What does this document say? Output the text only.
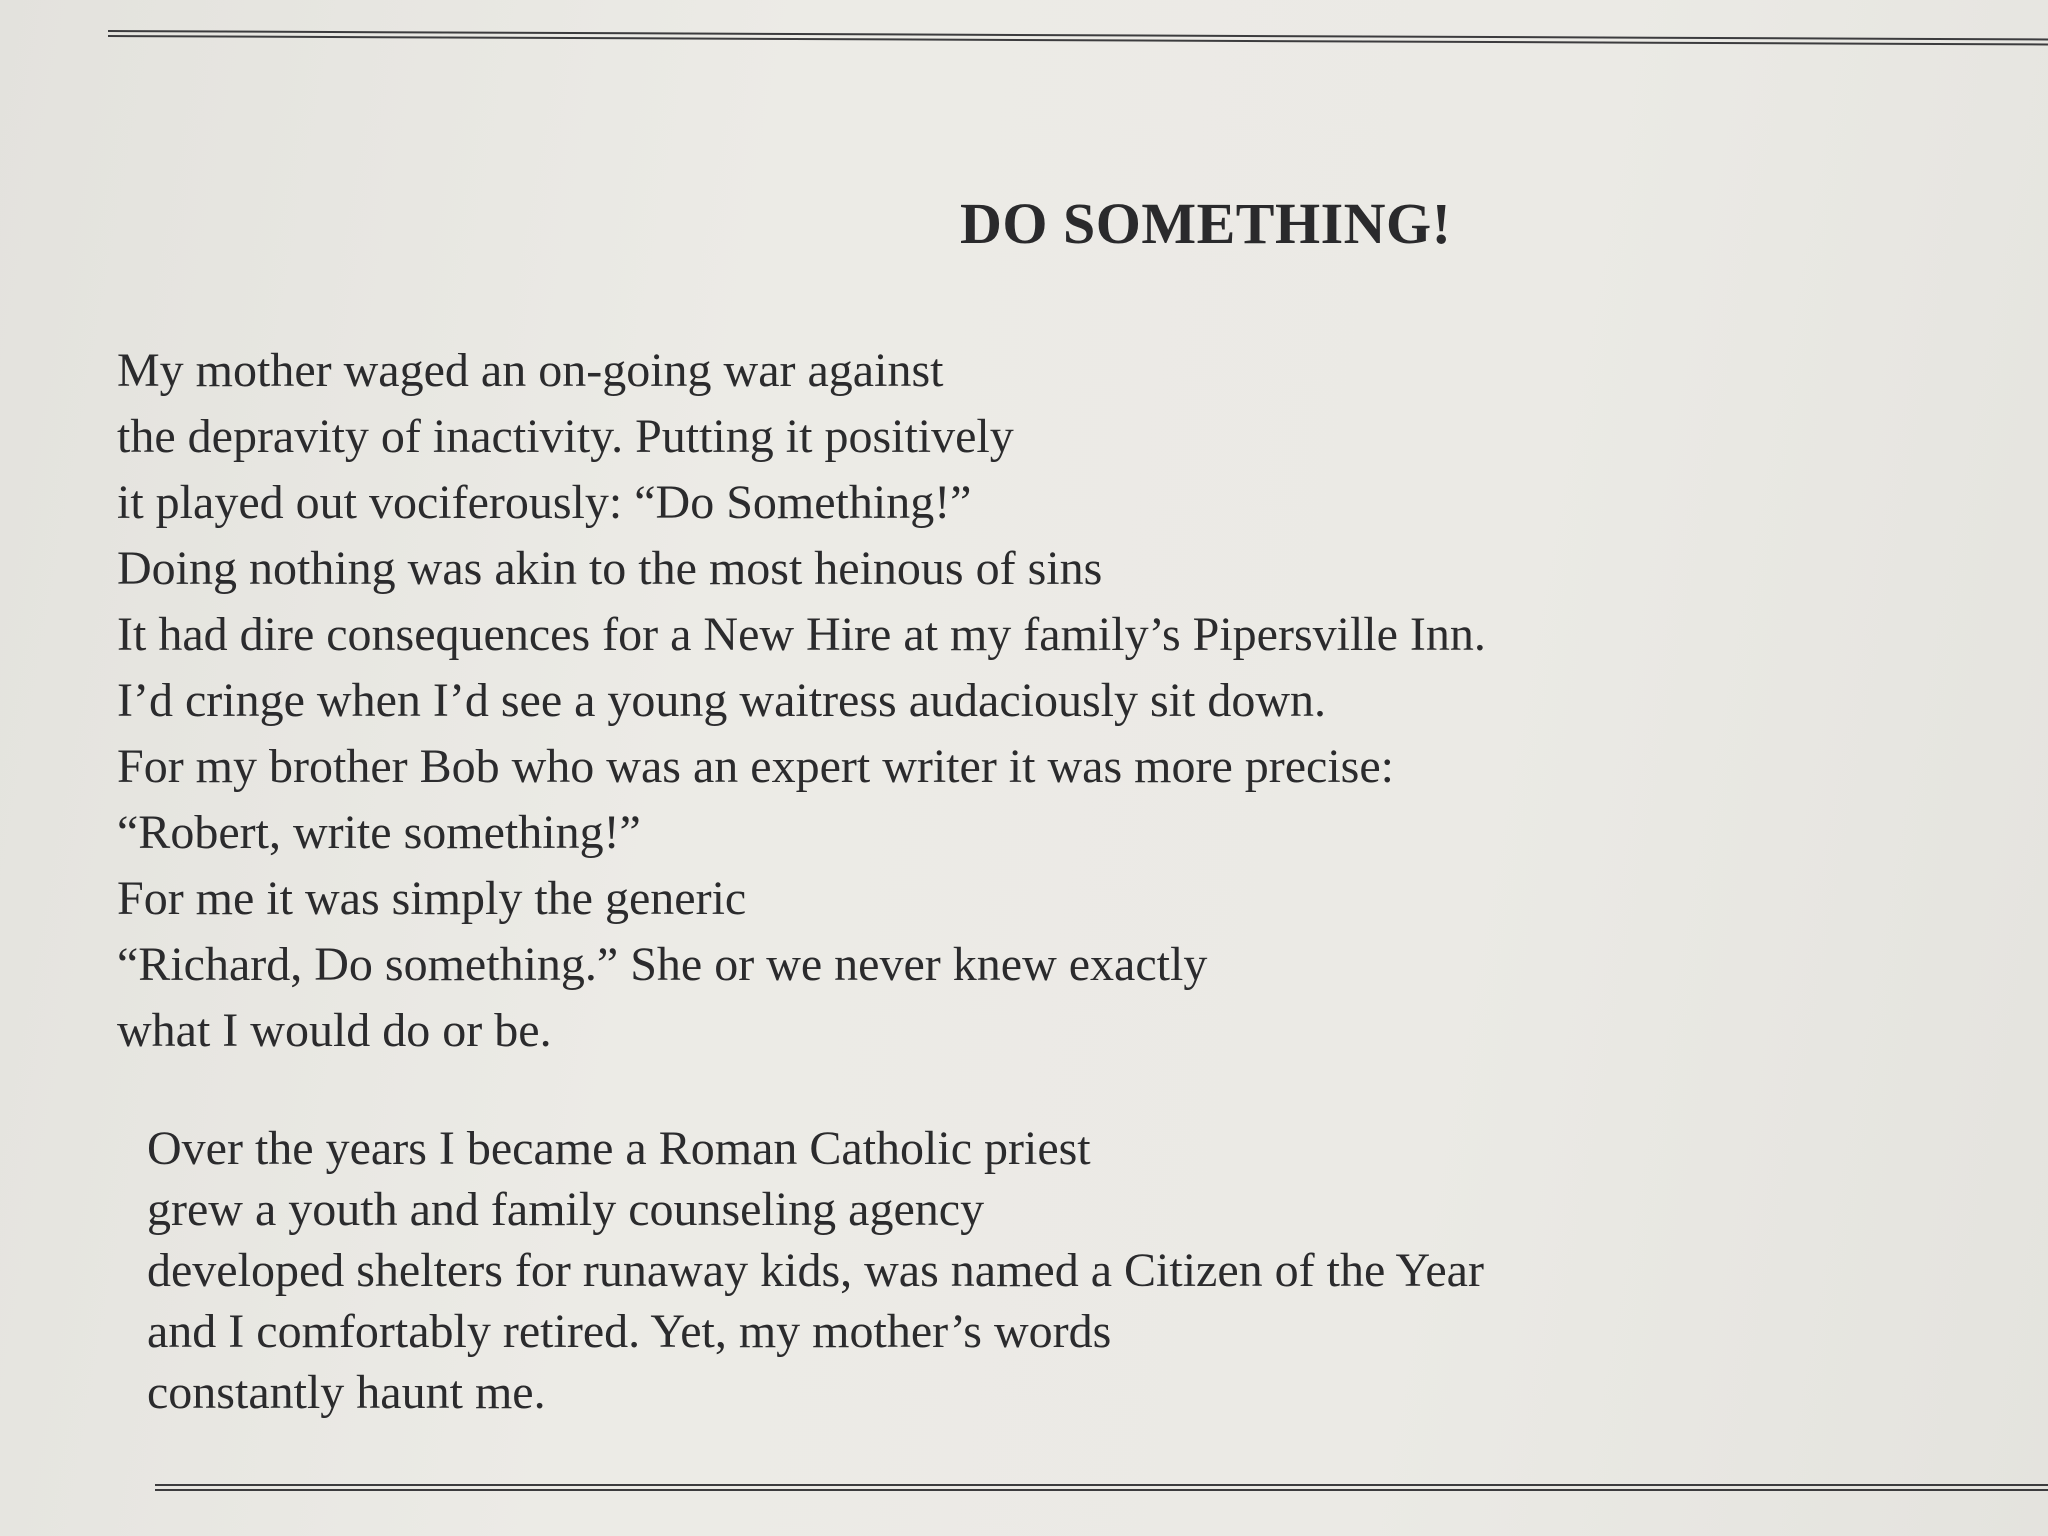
DO SOMETHING!
My mother waged an on-going war against
the depravity of inactivity. Putting it positively
it played out vociferously: “Do Something!”
Doing nothing was akin to the most heinous of sins
It had dire consequences for a New Hire at my family’s Pipersville Inn.
I’d cringe when I’d see a young waitress audaciously sit down.
For my brother Bob who was an expert writer it was more precise:
“Robert, write something!”
For me it was simply the generic
“Richard, Do something.” She or we never knew exactly
what I would do or be.
Over the years I became a Roman Catholic priest
grew a youth and family counseling agency
developed shelters for runaway kids, was named a Citizen of the Year
and I comfortably retired. Yet, my mother’s words
constantly haunt me.
